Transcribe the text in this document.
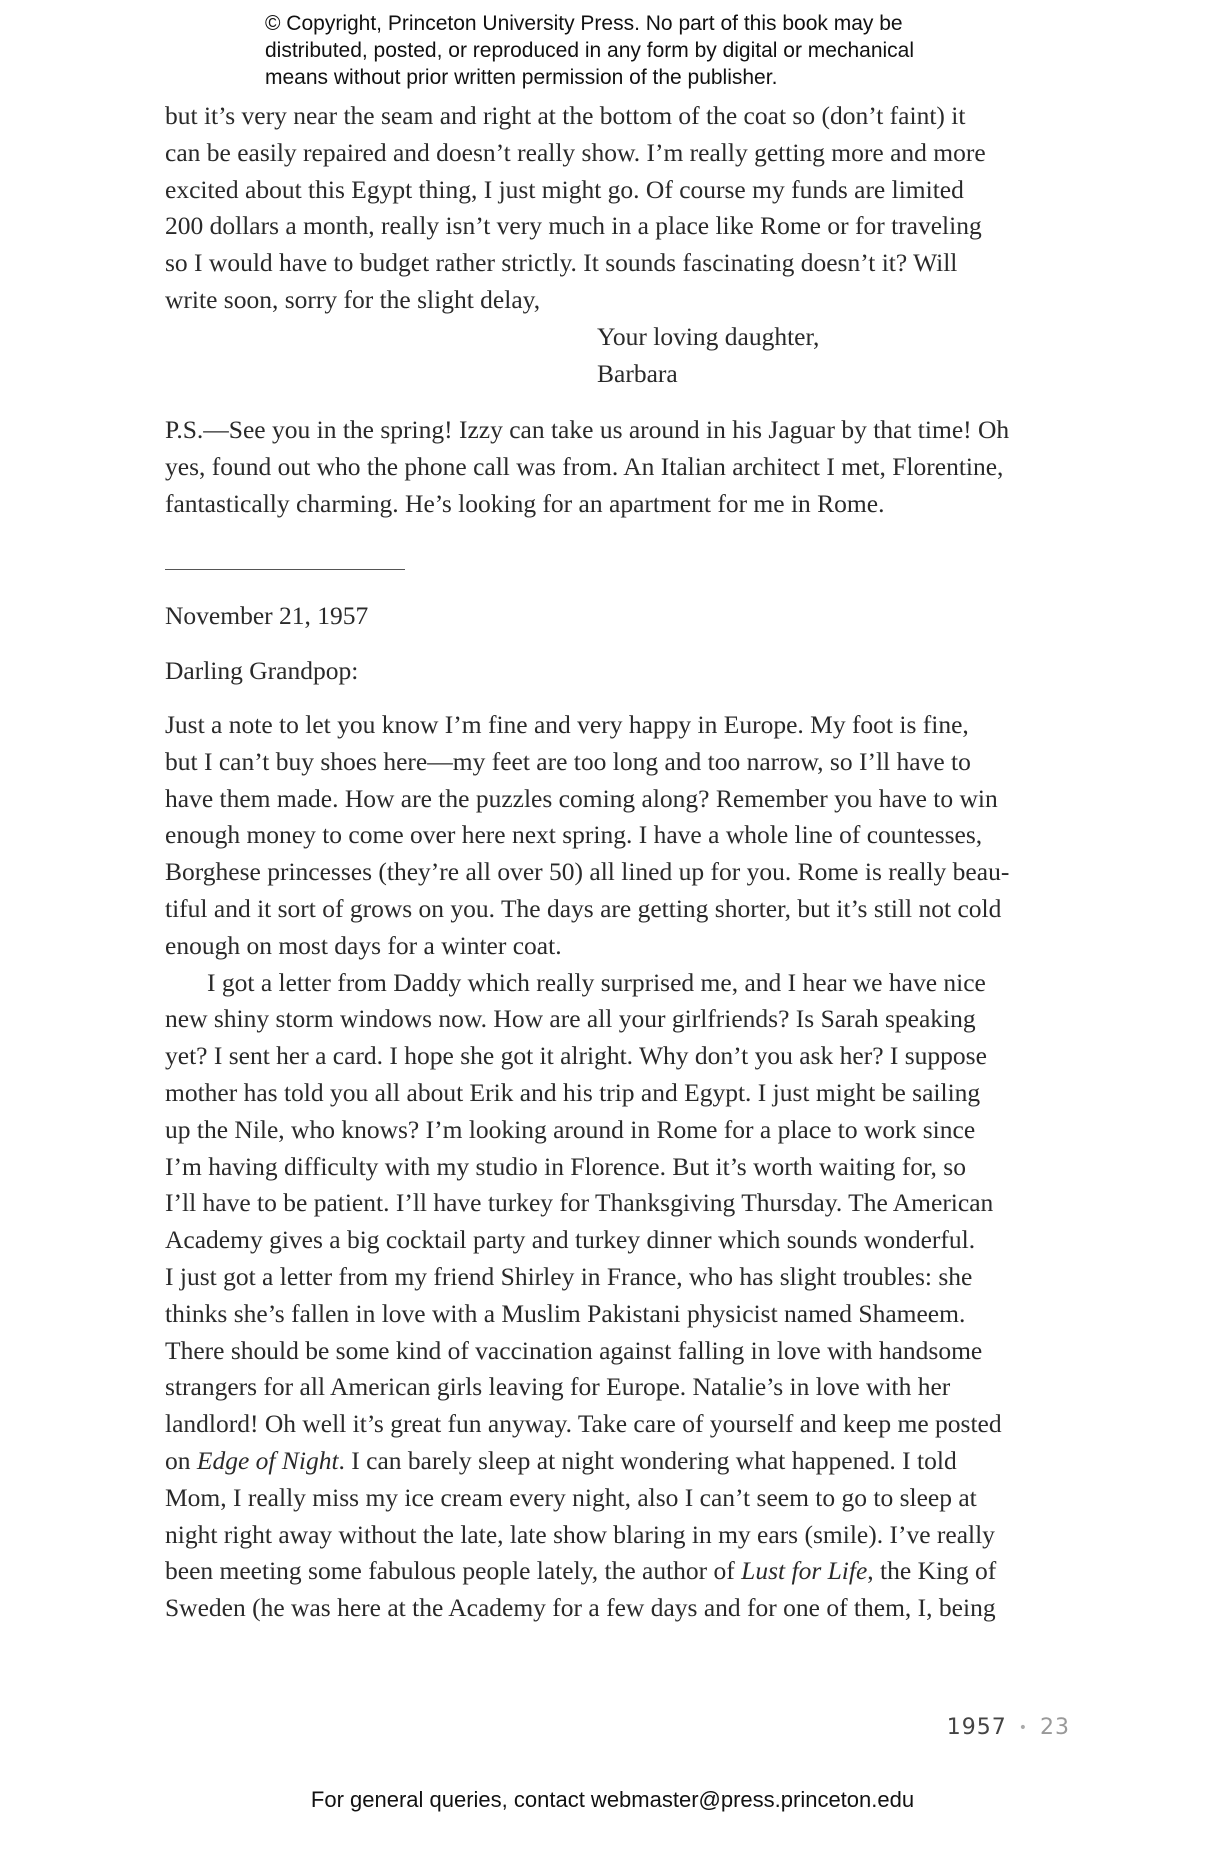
© Copyright, Princeton University Press. No part of this book may be

distributed, posted, or reproduced in any form by digital or mechanical

means without prior written permission of the publisher.

but it’s very near the seam and right at the bottom of the coat so (don’t faint) it
can be easily repaired and doesn’t really show. I’m really getting more and more
excited about this Egypt thing, I just might go. Of course my funds are limited
200 dollars a month, really isn’t very much in a place like Rome or for traveling
so I would have to budget rather strictly. It sounds fascinating doesn’t it? Will
write soon, sorry for the slight delay,
Your loving daughter,
Barbara
P.S.—See you in the spring! Izzy can take us around in his Jaguar by that time! Oh
yes, found out who the phone call was from. An Italian architect I met, Florentine,
fantastically charming. He’s looking for an apartment for me in Rome.
November 21, 1957
Darling Grandpop:
Just a note to let you know I’m fine and very happy in Europe. My foot is fine,
but I can’t buy shoes here—my feet are too long and too narrow, so I’ll have to
have them made. How are the puzzles coming along? Remember you have to win
enough money to come over here next spring. I have a whole line of countesses,
Borghese princesses (they’re all over 50) all lined up for you. Rome is really beau-
tiful and it sort of grows on you. The days are getting shorter, but it’s still not cold
enough on most days for a winter coat.
I got a letter from Daddy which really surprised me, and I hear we have nice
new shiny storm windows now. How are all your girlfriends? Is Sarah speaking
yet? I sent her a card. I hope she got it alright. Why don’t you ask her? I suppose
mother has told you all about Erik and his trip and Egypt. I just might be sailing
up the Nile, who knows? I’m looking around in Rome for a place to work since
I’m having difficulty with my studio in Florence. But it’s worth waiting for, so
I’ll have to be patient. I’ll have turkey for Thanksgiving Thursday. The American
Academy gives a big cocktail party and turkey dinner which sounds wonderful.
I just got a letter from my friend Shirley in France, who has slight troubles: she
thinks she’s fallen in love with a Muslim Pakistani physicist named Shameem.
There should be some kind of vaccination against falling in love with handsome
strangers for all American girls leaving for Europe. Natalie’s in love with her
landlord! Oh well it’s great fun anyway. Take care of yourself and keep me posted
on Edge of Night. I can barely sleep at night wondering what happened. I told
Mom, I really miss my ice cream every night, also I can’t seem to go to sleep at
night right away without the late, late show blaring in my ears (smile). I’ve really
been meeting some fabulous people lately, the author of Lust for Life, the King of
Sweden (he was here at the Academy for a few days and for one of them, I, being
1957 • 23
For general queries, contact webmaster@press.princeton.edu
